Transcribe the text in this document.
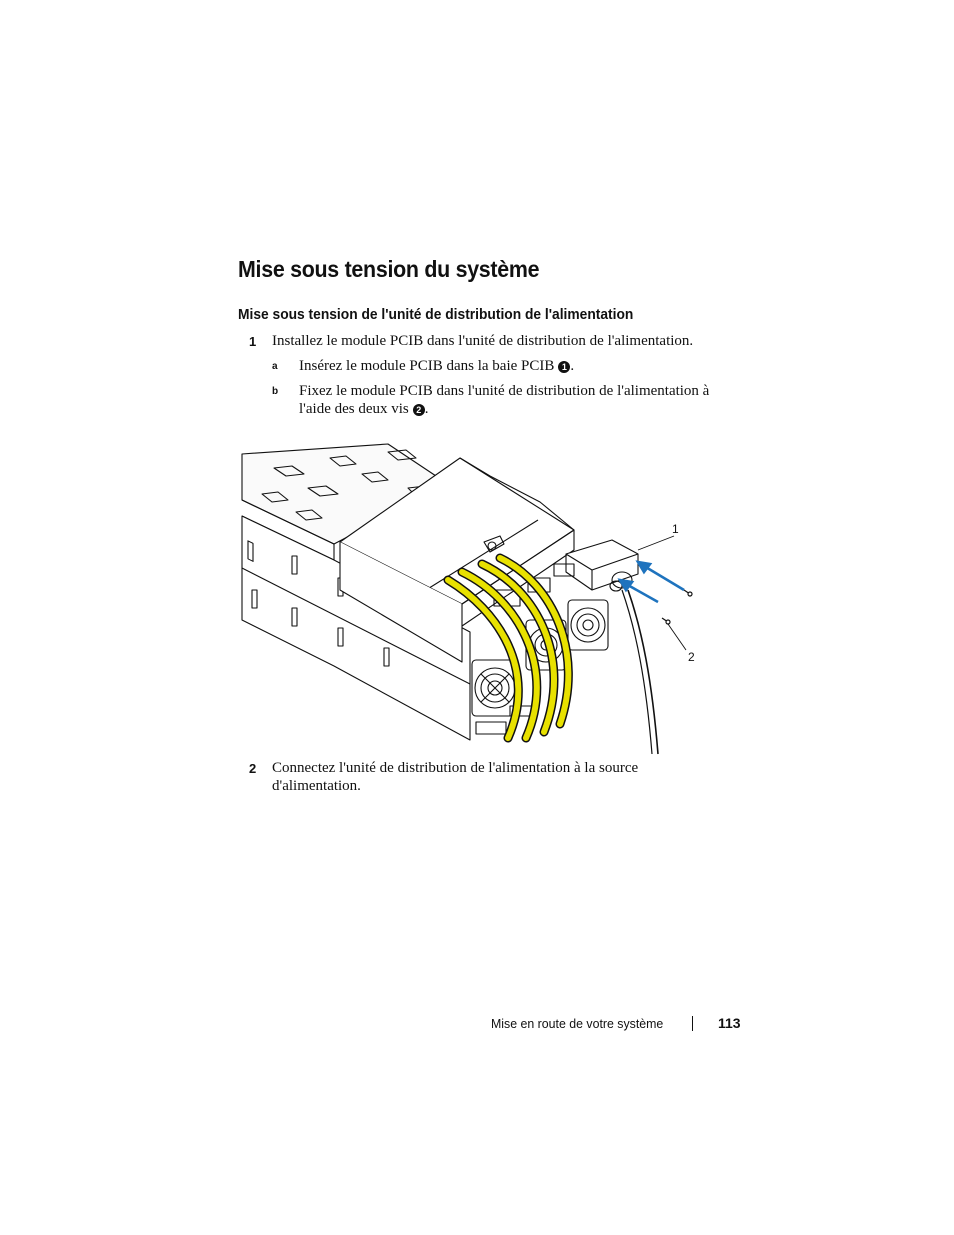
Mise sous tension du système
Mise sous tension de l'unité de distribution de l'alimentation
1 Installez le module PCIB dans l'unité de distribution de l'alimentation.
a Insérez le module PCIB dans la baie PCIB 1 .
b Fixez le module PCIB dans l'unité de distribution de l'alimentation à
l'aide des deux vis 2 .
1
2
2 Connectez l'unité de distribution de l'alimentation à la source
d'alimentation.
Mise en route de votre système	113
